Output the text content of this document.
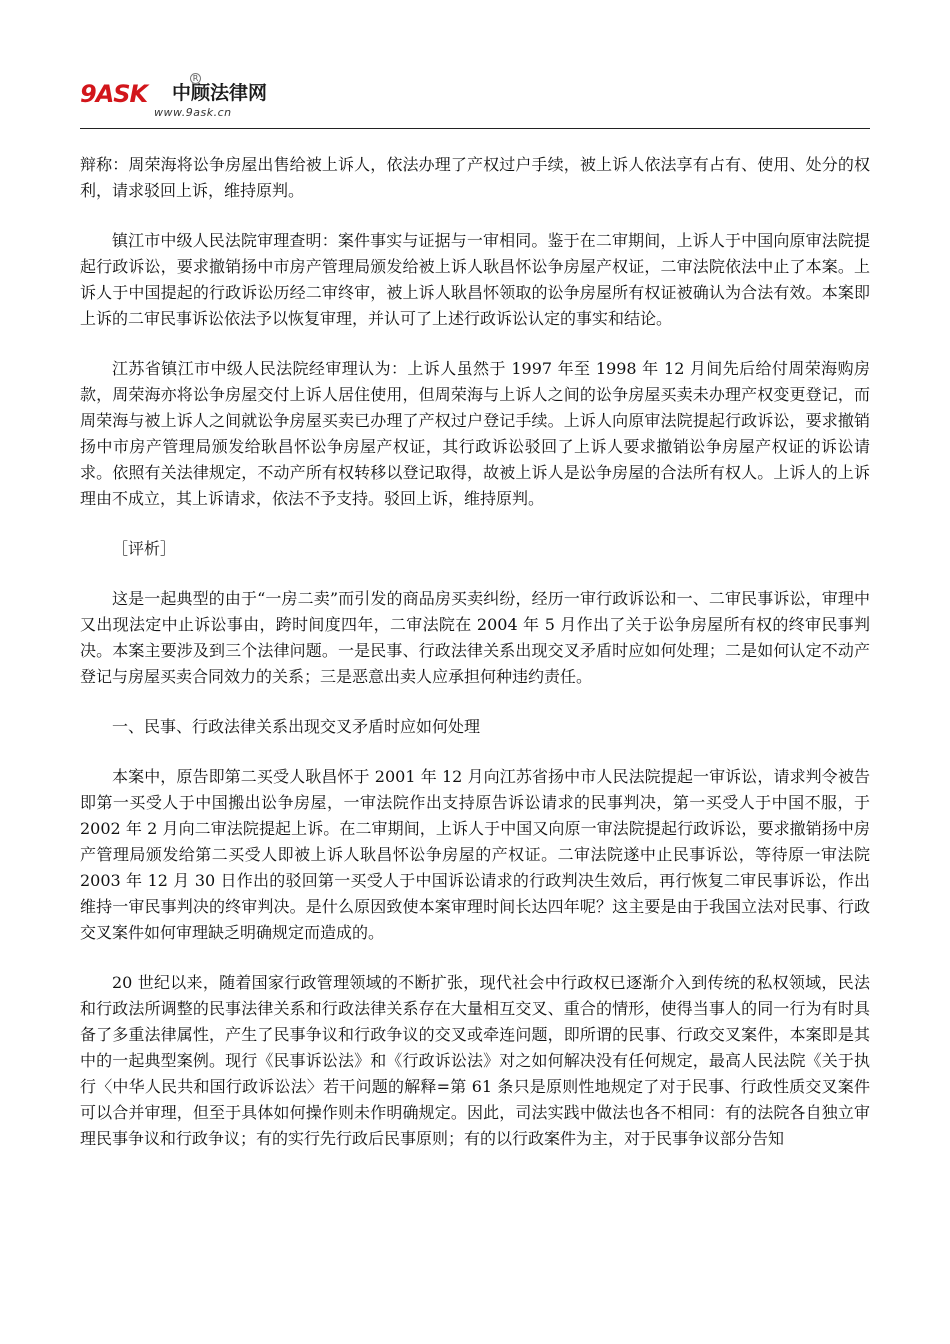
9ASK
R
中顾法律网
www.9ask.cn

辩称：周荣海将讼争房屋出售给被上诉人，依法办理了产权过户手续，被上诉人依法享有占有、使用、处分的权利，请求驳回上诉，维持原判。

镇江市中级人民法院审理查明：案件事实与证据与一审相同。鉴于在二审期间，上诉人于中国向原审法院提起行政诉讼，要求撤销扬中市房产管理局颁发给被上诉人耿昌怀讼争房屋产权证，二审法院依法中止了本案。上诉人于中国提起的行政诉讼历经二审终审，被上诉人耿昌怀领取的讼争房屋所有权证被确认为合法有效。本案即上诉的二审民事诉讼依法予以恢复审理，并认可了上述行政诉讼认定的事实和结论。

江苏省镇江市中级人民法院经审理认为：上诉人虽然于 1997 年至 1998 年 12 月间先后给付周荣海购房款，周荣海亦将讼争房屋交付上诉人居住使用，但周荣海与上诉人之间的讼争房屋买卖未办理产权变更登记，而周荣海与被上诉人之间就讼争房屋买卖已办理了产权过户登记手续。上诉人向原审法院提起行政诉讼，要求撤销扬中市房产管理局颁发给耿昌怀讼争房屋产权证，其行政诉讼驳回了上诉人要求撤销讼争房屋产权证的诉讼请求。依照有关法律规定，不动产所有权转移以登记取得，故被上诉人是讼争房屋的合法所有权人。上诉人的上诉理由不成立，其上诉请求，依法不予支持。驳回上诉，维持原判。

［评析］

这是一起典型的由于“一房二卖”而引发的商品房买卖纠纷，经历一审行政诉讼和一、二审民事诉讼，审理中又出现法定中止诉讼事由，跨时间度四年，二审法院在 2004 年 5 月作出了关于讼争房屋所有权的终审民事判决。本案主要涉及到三个法律问题。一是民事、行政法律关系出现交叉矛盾时应如何处理；二是如何认定不动产登记与房屋买卖合同效力的关系；三是恶意出卖人应承担何种违约责任。

一、民事、行政法律关系出现交叉矛盾时应如何处理

本案中，原告即第二买受人耿昌怀于 2001 年 12 月向江苏省扬中市人民法院提起一审诉讼，请求判令被告即第一买受人于中国搬出讼争房屋，一审法院作出支持原告诉讼请求的民事判决，第一买受人于中国不服，于 2002 年 2 月向二审法院提起上诉。在二审期间，上诉人于中国又向原一审法院提起行政诉讼，要求撤销扬中房产管理局颁发给第二买受人即被上诉人耿昌怀讼争房屋的产权证。二审法院遂中止民事诉讼，等待原一审法院 2003 年 12 月 30 日作出的驳回第一买受人于中国诉讼请求的行政判决生效后，再行恢复二审民事诉讼，作出维持一审民事判决的终审判决。是什么原因致使本案审理时间长达四年呢？这主要是由于我国立法对民事、行政交叉案件如何审理缺乏明确规定而造成的。

20 世纪以来，随着国家行政管理领域的不断扩张，现代社会中行政权已逐渐介入到传统的私权领域，民法和行政法所调整的民事法律关系和行政法律关系存在大量相互交叉、重合的情形，使得当事人的同一行为有时具备了多重法律属性，产生了民事争议和行政争议的交叉或牵连问题，即所谓的民事、行政交叉案件，本案即是其中的一起典型案例。现行《民事诉讼法》和《行政诉讼法》对之如何解决没有任何规定，最高人民法院《关于执行〈中华人民共和国行政诉讼法〉若干问题的解释=第 61 条只是原则性地规定了对于民事、行政性质交叉案件可以合并审理，但至于具体如何操作则未作明确规定。因此，司法实践中做法也各不相同：有的法院各自独立审理民事争议和行政争议；有的实行先行政后民事原则；有的以行政案件为主，对于民事争议部分告知
